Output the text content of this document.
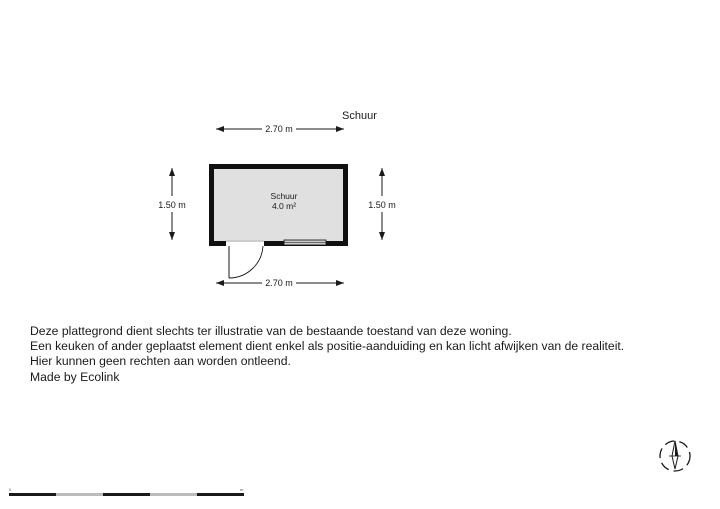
Schuur
2.70 m
2.70 m
1.50 m	1.50 m
Schuur
4.0 m²
Deze plattegrond dient slechts ter illustratie van de bestaande toestand van deze woning.
Een keuken of ander geplaatst element dient enkel als positie-aanduiding en kan licht afwijken van de realiteit.
Hier kunnen geen rechten aan worden ontleend.
Made by Ecolink
0	m
